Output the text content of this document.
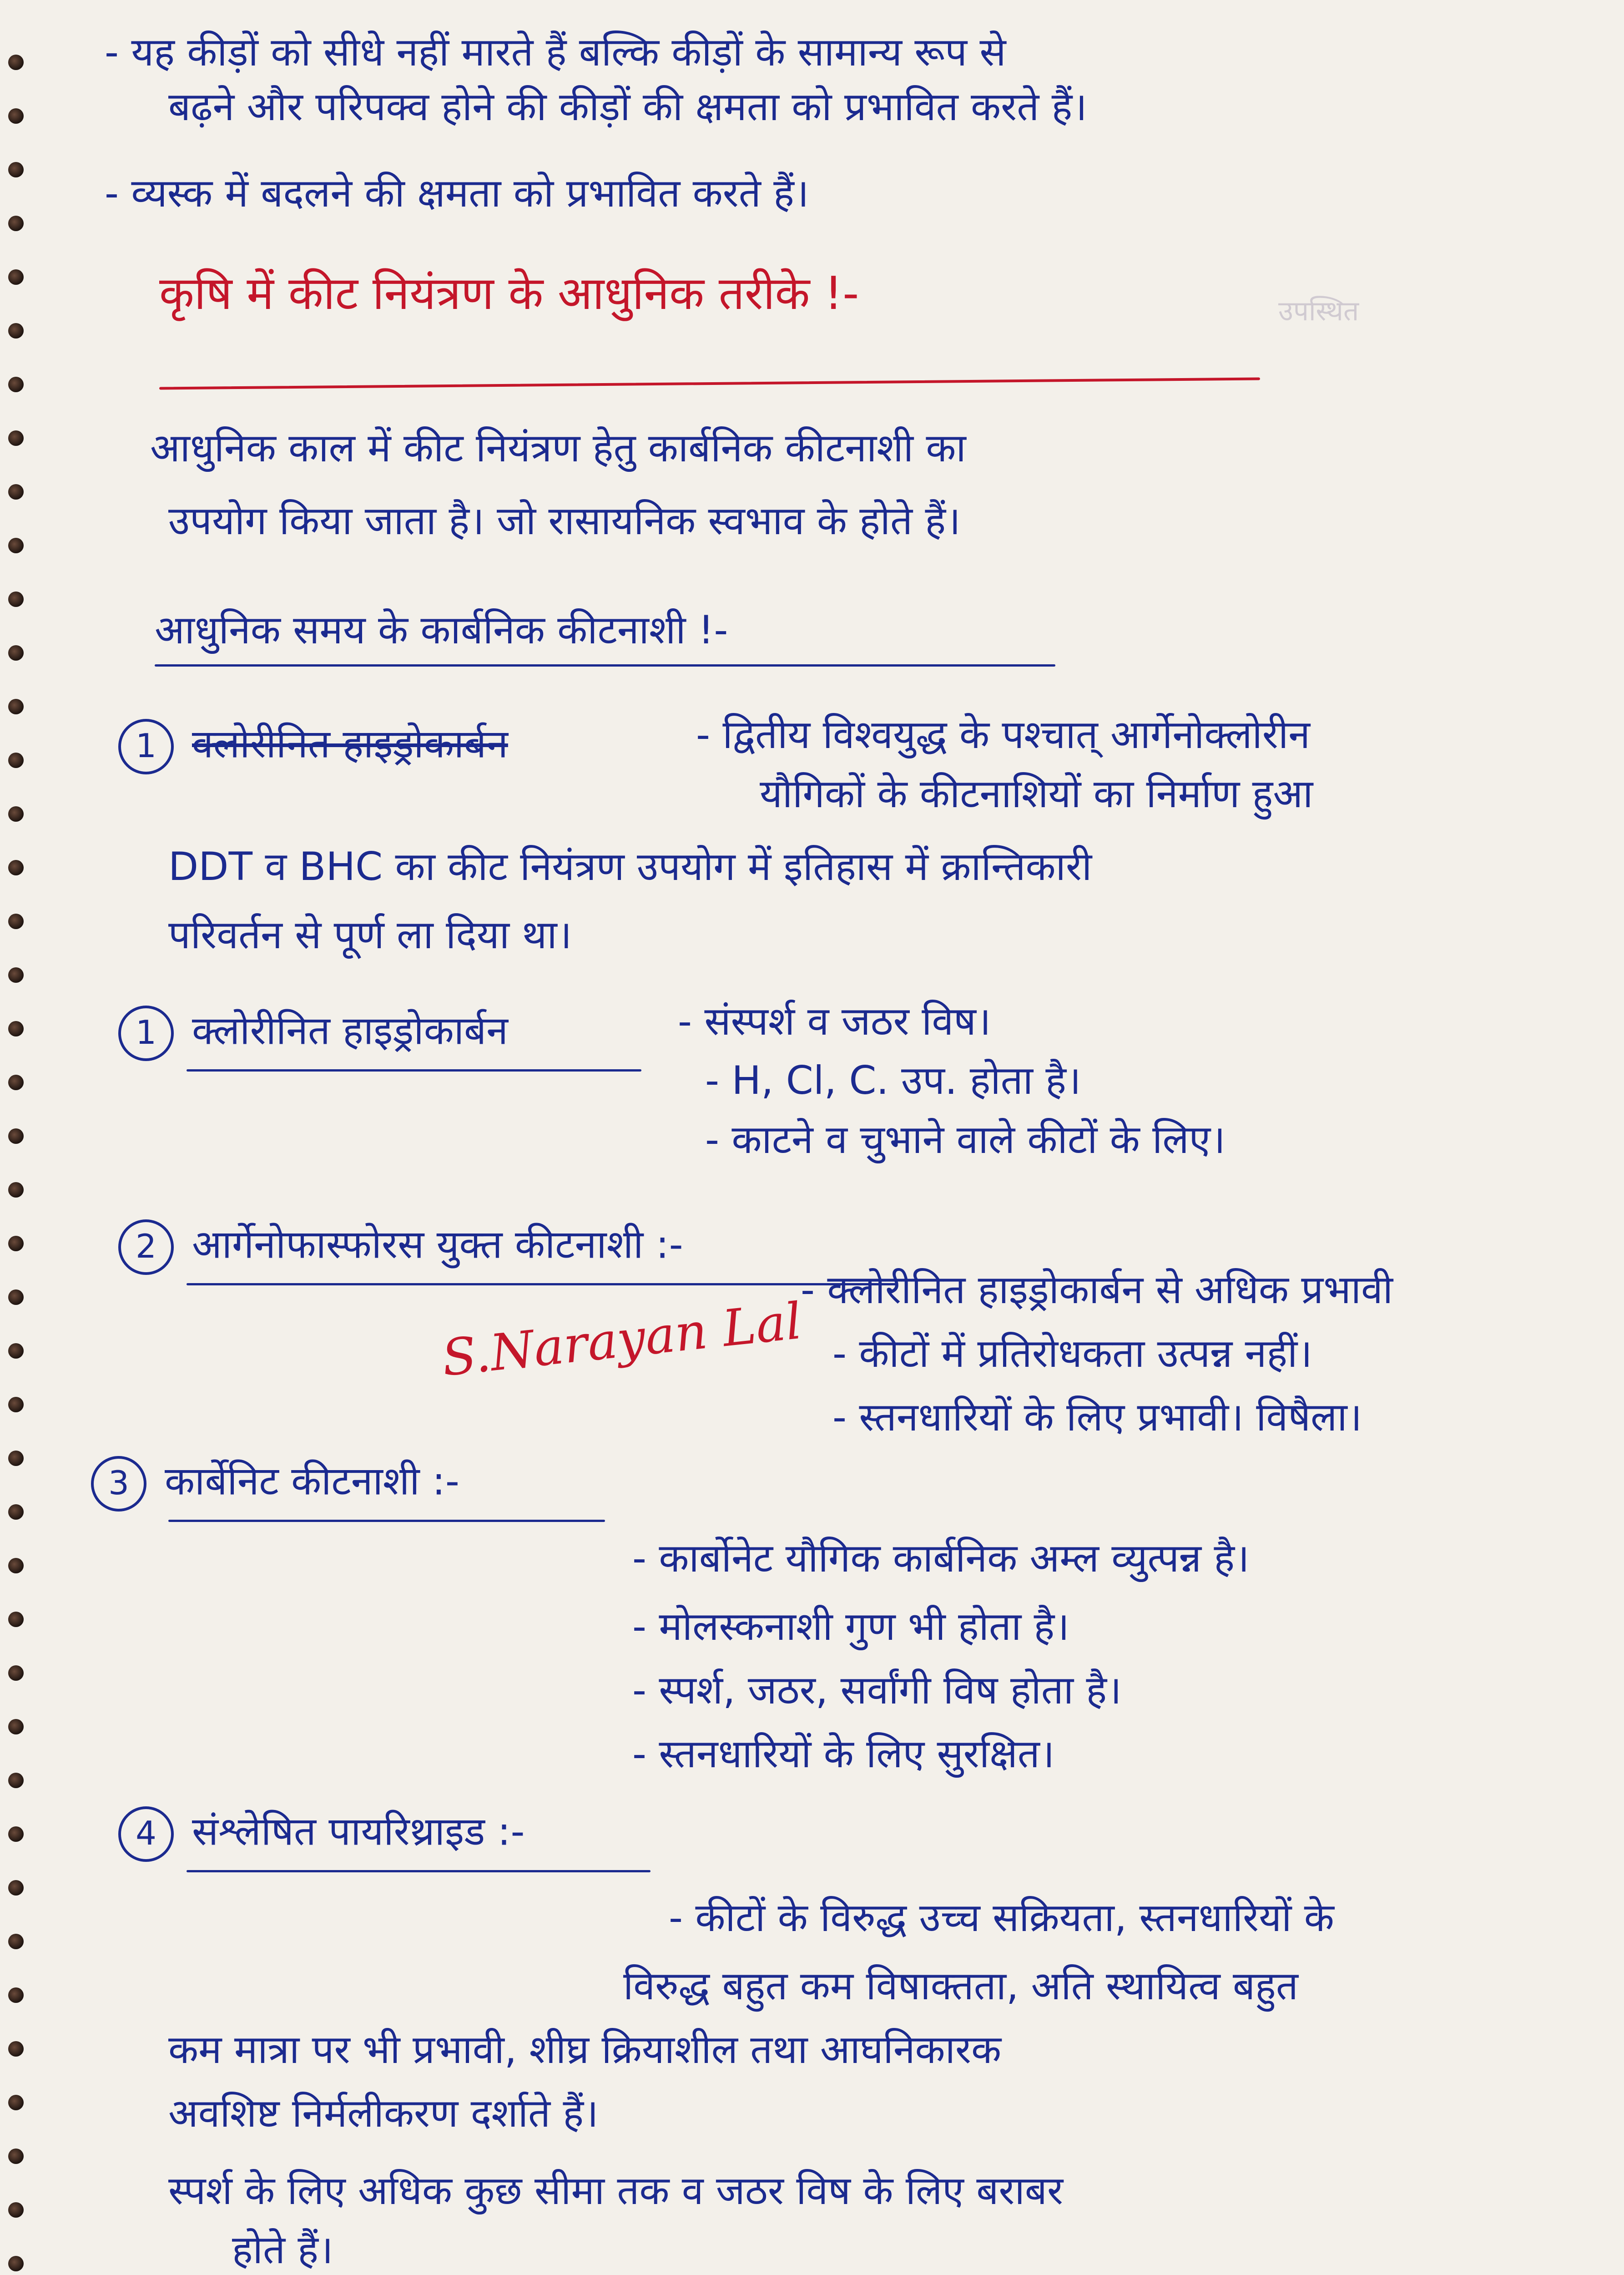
- यह कीड़ों को सीधे नहीं मारते हैं बल्कि कीड़ों के सामान्य रूप से
बढ़ने और परिपक्व होने की कीड़ों की क्षमता को प्रभावित करते हैं।
- व्यस्क में बदलने की क्षमता को प्रभावित करते हैं।
कृषि में कीट नियंत्रण के आधुनिक तरीके !-	उपस्थित
आधुनिक काल में कीट नियंत्रण हेतु कार्बनिक कीटनाशी का
उपयोग किया जाता है। जो रासायनिक स्वभाव के होते हैं।
आधुनिक समय के कार्बनिक कीटनाशी !-
1 क्लोरीनित हाइड्रोकार्बन	- द्वितीय विश्वयुद्ध के पश्चात् आर्गेनोक्लोरीन
यौगिकों के कीटनाशियों का निर्माण हुआ
DDT व BHC का कीट नियंत्रण उपयोग में इतिहास में क्रान्तिकारी
परिवर्तन से पूर्ण ला दिया था।
1 क्लोरीनित हाइड्रोकार्बन	- संस्पर्श व जठर विष।
- H, Cl, C. उप. होता है।
- काटने व चुभाने वाले कीटों के लिए।
2 आर्गेनोफास्फोरस युक्त कीटनाशी :-
- क्लोरीनित हाइड्रोकार्बन से अधिक प्रभावी
- कीटों में प्रतिरोधकता उत्पन्न नहीं।
- स्तनधारियों के लिए प्रभावी। विषैला।
S.Narayan Lal
3 कार्बेनिट कीटनाशी :-
- कार्बोनेट यौगिक कार्बनिक अम्ल व्युत्पन्न है।
- मोलस्कनाशी गुण भी होता है।
- स्पर्श, जठर, सर्वांगी विष होता है।
- स्तनधारियों के लिए सुरक्षित।
4 संश्लेषित पायरिथ्राइड :-
- कीटों के विरुद्ध उच्च सक्रियता, स्तनधारियों के
विरुद्ध बहुत कम विषाक्तता, अति स्थायित्व बहुत
कम मात्रा पर भी प्रभावी, शीघ्र क्रियाशील तथा आघनिकारक
अवशिष्ट निर्मलीकरण दर्शाते हैं।
स्पर्श के लिए अधिक कुछ सीमा तक व जठर विष के लिए बराबर
होते हैं।
